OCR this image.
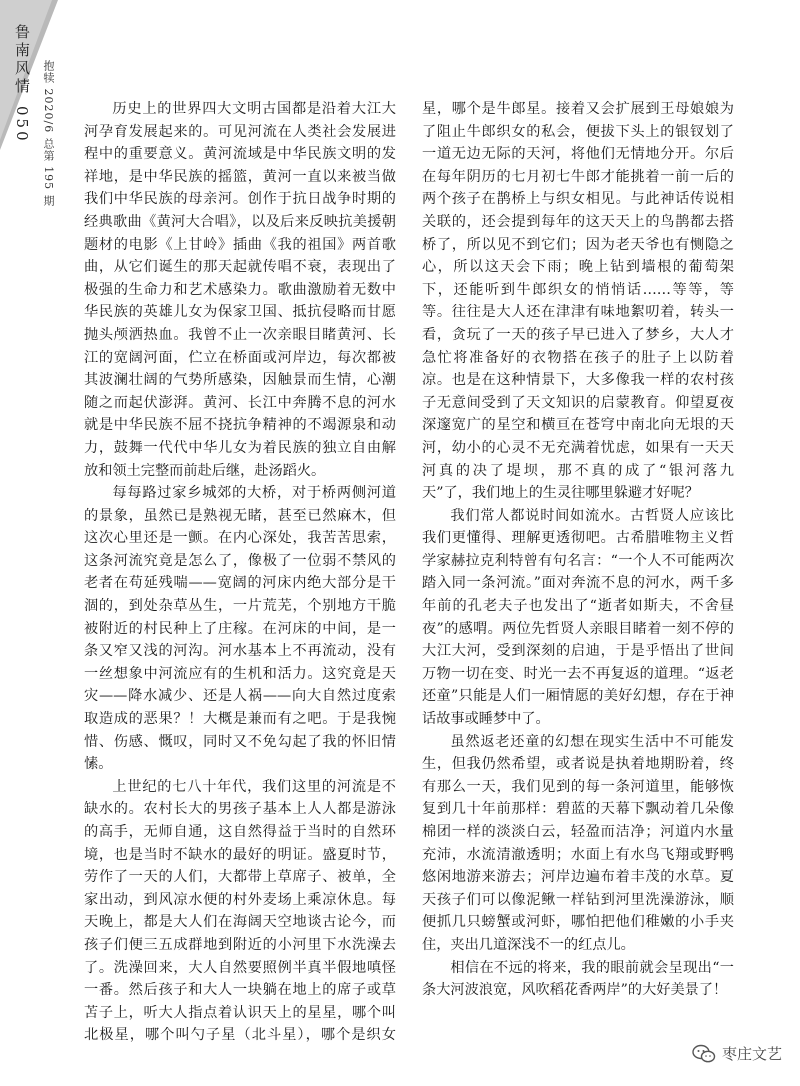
鲁南风情050 抱犊 2020/6 总第 195 期	历史上的世界四大文明古国都是沿着大江大河孕育发展起来的。可见河流在人类社会发展进程中的重要意义。黄河流域是中华民族文明的发祥地，是中华民族的摇篮，黄河一直以来被当做我们中华民族的母亲河。创作于抗日战争时期的经典歌曲《黄河大合唱》，以及后来反映抗美援朝题材的电影《上甘岭》插曲《我的祖国》两首歌曲，从它们诞生的那天起就传唱不衰，表现出了极强的生命力和艺术感染力。歌曲激励着无数中华民族的英雄儿女为保家卫国、抵抗侵略而甘愿抛头颅洒热血。我曾不止一次亲眼目睹黄河、长江的宽阔河面，伫立在桥面或河岸边，每次都被其波澜壮阔的气势所感染，因触景而生情，心潮随之而起伏澎湃。黄河、长江中奔腾不息的河水就是中华民族不屈不挠抗争精神的不竭源泉和动力，鼓舞一代代中华儿女为着民族的独立自由解放和领土完整而前赴后继，赴汤蹈火。

每每路过家乡城郊的大桥，对于桥两侧河道的景象，虽然已是熟视无睹，甚至已然麻木，但这次心里还是一颤。在内心深处，我苦苦思索，这条河流究竟是怎么了，像极了一位弱不禁风的老者在苟延残喘——宽阔的河床内绝大部分是干涸的，到处杂草丛生，一片荒芜，个别地方干脆被附近的村民种上了庄稼。在河床的中间，是一条又窄又浅的河沟。河水基本上不再流动，没有一丝想象中河流应有的生机和活力。这究竟是天灾——降水减少、还是人祸——向大自然过度索取造成的恶果？！大概是兼而有之吧。于是我惋惜、伤感、慨叹，同时又不免勾起了我的怀旧情愫。

上世纪的七八十年代，我们这里的河流是不缺水的。农村长大的男孩子基本上人人都是游泳的高手，无师自通，这自然得益于当时的自然环境，也是当时不缺水的最好的明证。盛夏时节，劳作了一天的人们，大都带上草席子、被单，全家出动，到风凉水便的村外麦场上乘凉休息。每天晚上，都是大人们在海阔天空地谈古论今，而孩子们便三五成群地到附近的小河里下水洗澡去了。洗澡回来，大人自然要照例半真半假地嗔怪一番。然后孩子和大人一块躺在地上的席子或草苫子上，听大人指点着认识天上的星星，哪个叫北极星，哪个叫勺子星（北斗星），哪个是织女星，哪个是牛郎星。接着又会扩展到王母娘娘为了阻止牛郎织女的私会，便拔下头上的银钗划了一道无边无际的天河，将他们无情地分开。尔后在每年阴历的七月初七牛郎才能挑着一前一后的两个孩子在鹊桥上与织女相见。与此神话传说相关联的，还会提到每年的这天天上的鸟鹊都去搭桥了，所以见不到它们；因为老天爷也有恻隐之心，所以这天会下雨；晚上钻到墙根的葡萄架下，还能听到牛郎织女的悄悄话……等等，等等。往往是大人还在津津有味地絮叨着，转头一看，贪玩了一天的孩子早已进入了梦乡，大人才急忙将准备好的衣物搭在孩子的肚子上以防着凉。也是在这种情景下，大多像我一样的农村孩子无意间受到了天文知识的启蒙教育。仰望夏夜深邃宽广的星空和横亘在苍穹中南北向无垠的天河，幼小的心灵不无充满着忧虑，如果有一天天河真的决了堤坝，那不真的成了“银河落九天”了，我们地上的生灵往哪里躲避才好呢？

我们常人都说时间如流水。古哲贤人应该比我们更懂得、理解更透彻吧。古希腊唯物主义哲学家赫拉克利特曾有句名言：“一个人不可能两次踏入同一条河流。”面对奔流不息的河水，两千多年前的孔老夫子也发出了“逝者如斯夫，不舍昼夜”的感喟。两位先哲贤人亲眼目睹着一刻不停的大江大河，受到深刻的启迪，于是乎悟出了世间万物一切在变、时光一去不再复返的道理。“返老还童”只能是人们一厢情愿的美好幻想，存在于神话故事或睡梦中了。

虽然返老还童的幻想在现实生活中不可能发生，但我仍然希望，或者说是执着地期盼着，终有那么一天，我们见到的每一条河道里，能够恢复到几十年前那样：碧蓝的天幕下飘动着几朵像棉团一样的淡淡白云，轻盈而洁净；河道内水量充沛，水流清澈透明；水面上有水鸟飞翔或野鸭悠闲地游来游去；河岸边遍布着丰茂的水草。夏天孩子们可以像泥鳅一样钻到河里洗澡游泳，顺便抓几只螃蟹或河虾，哪怕把他们稚嫩的小手夹住，夹出几道深浅不一的红点儿。

相信在不远的将来，我的眼前就会呈现出“一条大河波浪宽，风吹稻花香两岸”的大好美景了！

枣庄文艺
